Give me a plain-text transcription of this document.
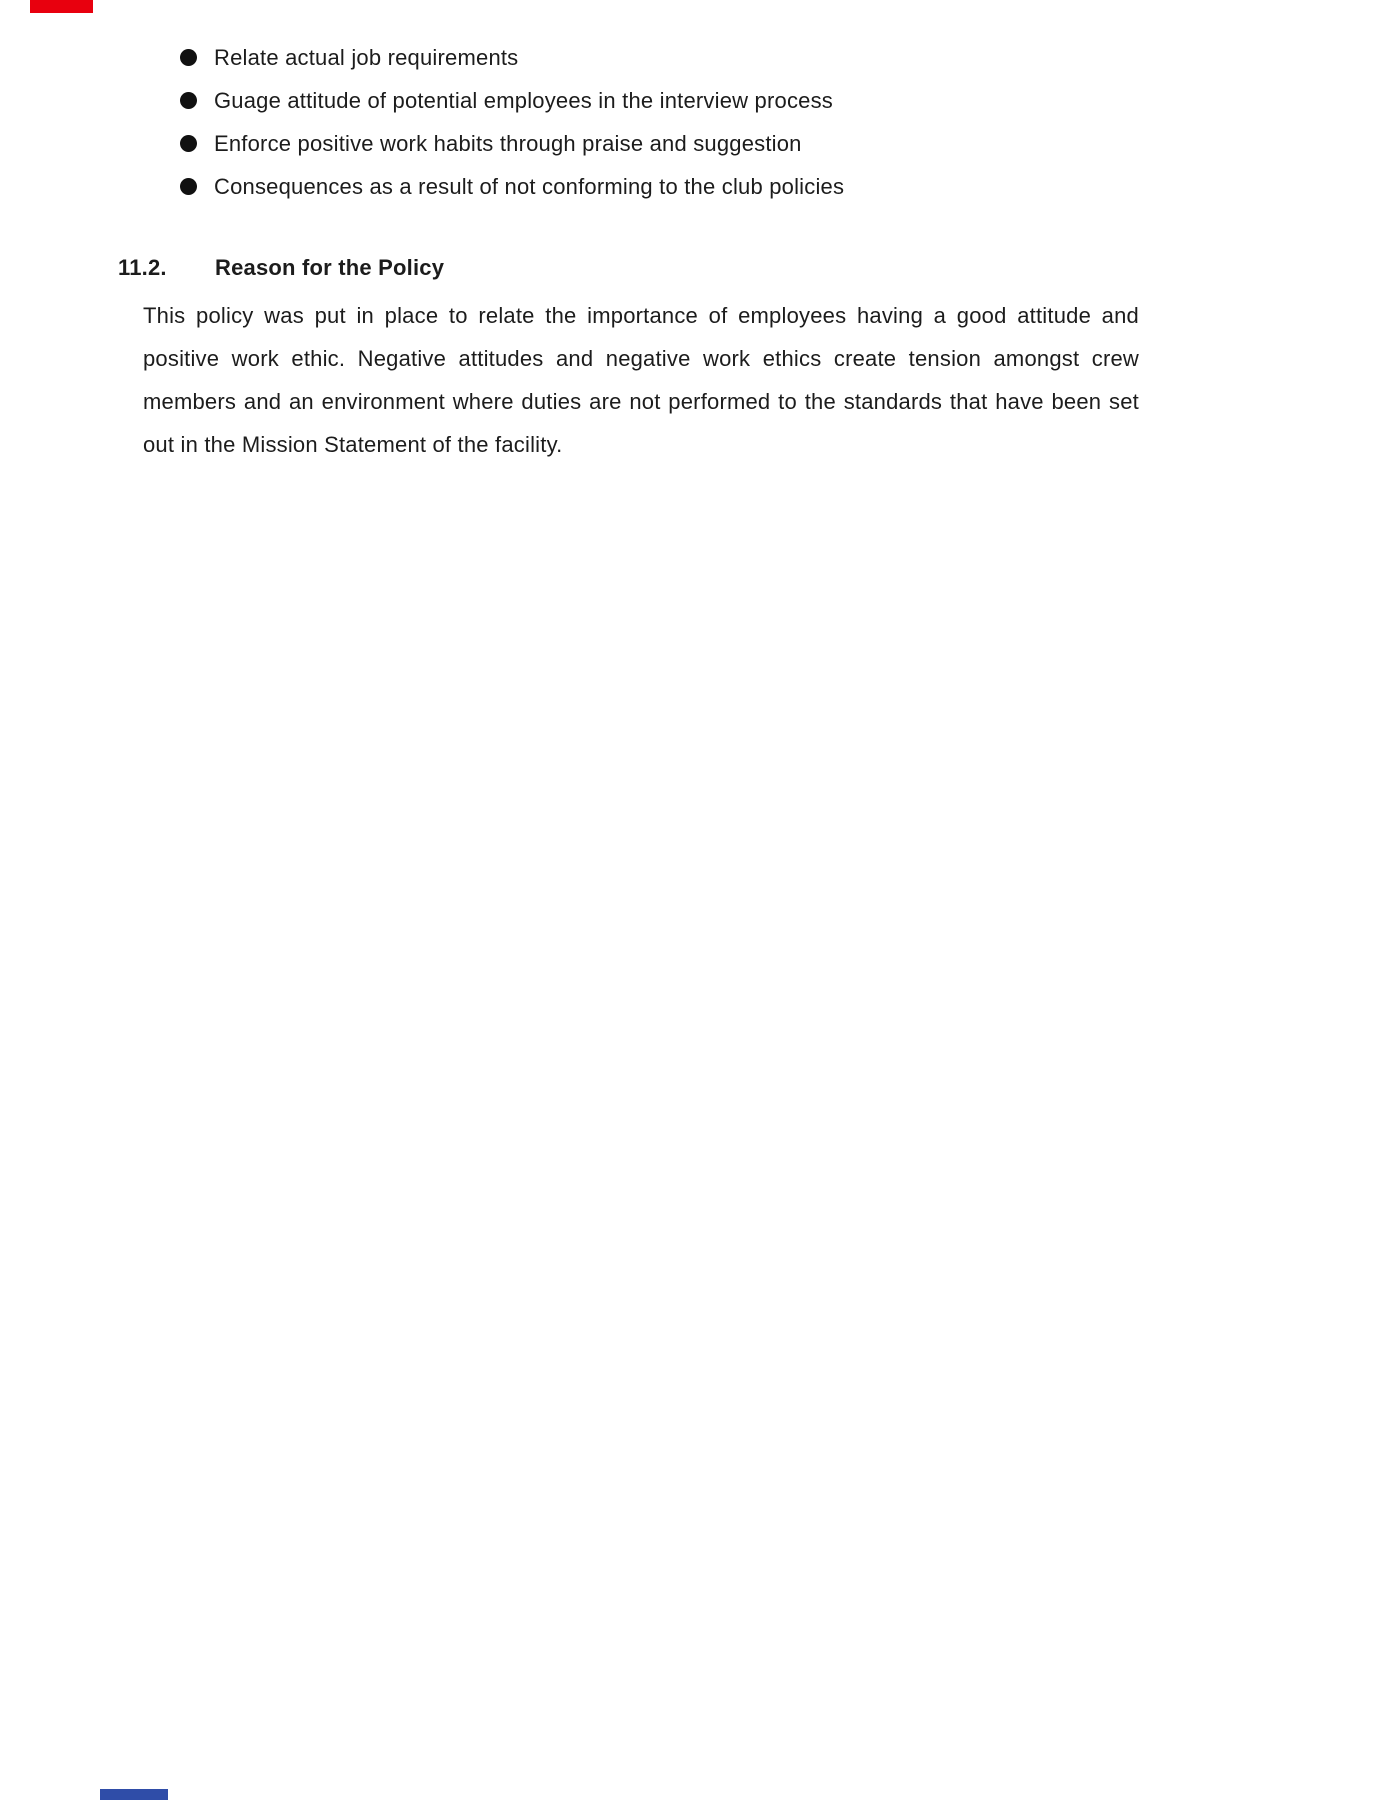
Relate actual job requirements
Guage attitude of potential employees in the interview process
Enforce positive work habits through praise and suggestion
Consequences as a result of not conforming to the club policies
11.2.	Reason for the Policy

This policy was put in place to relate the importance of employees having a good attitude and positive work ethic. Negative attitudes and negative work ethics create tension amongst crew members and an environment where duties are not performed to the standards that have been set out in the Mission Statement of the facility.
